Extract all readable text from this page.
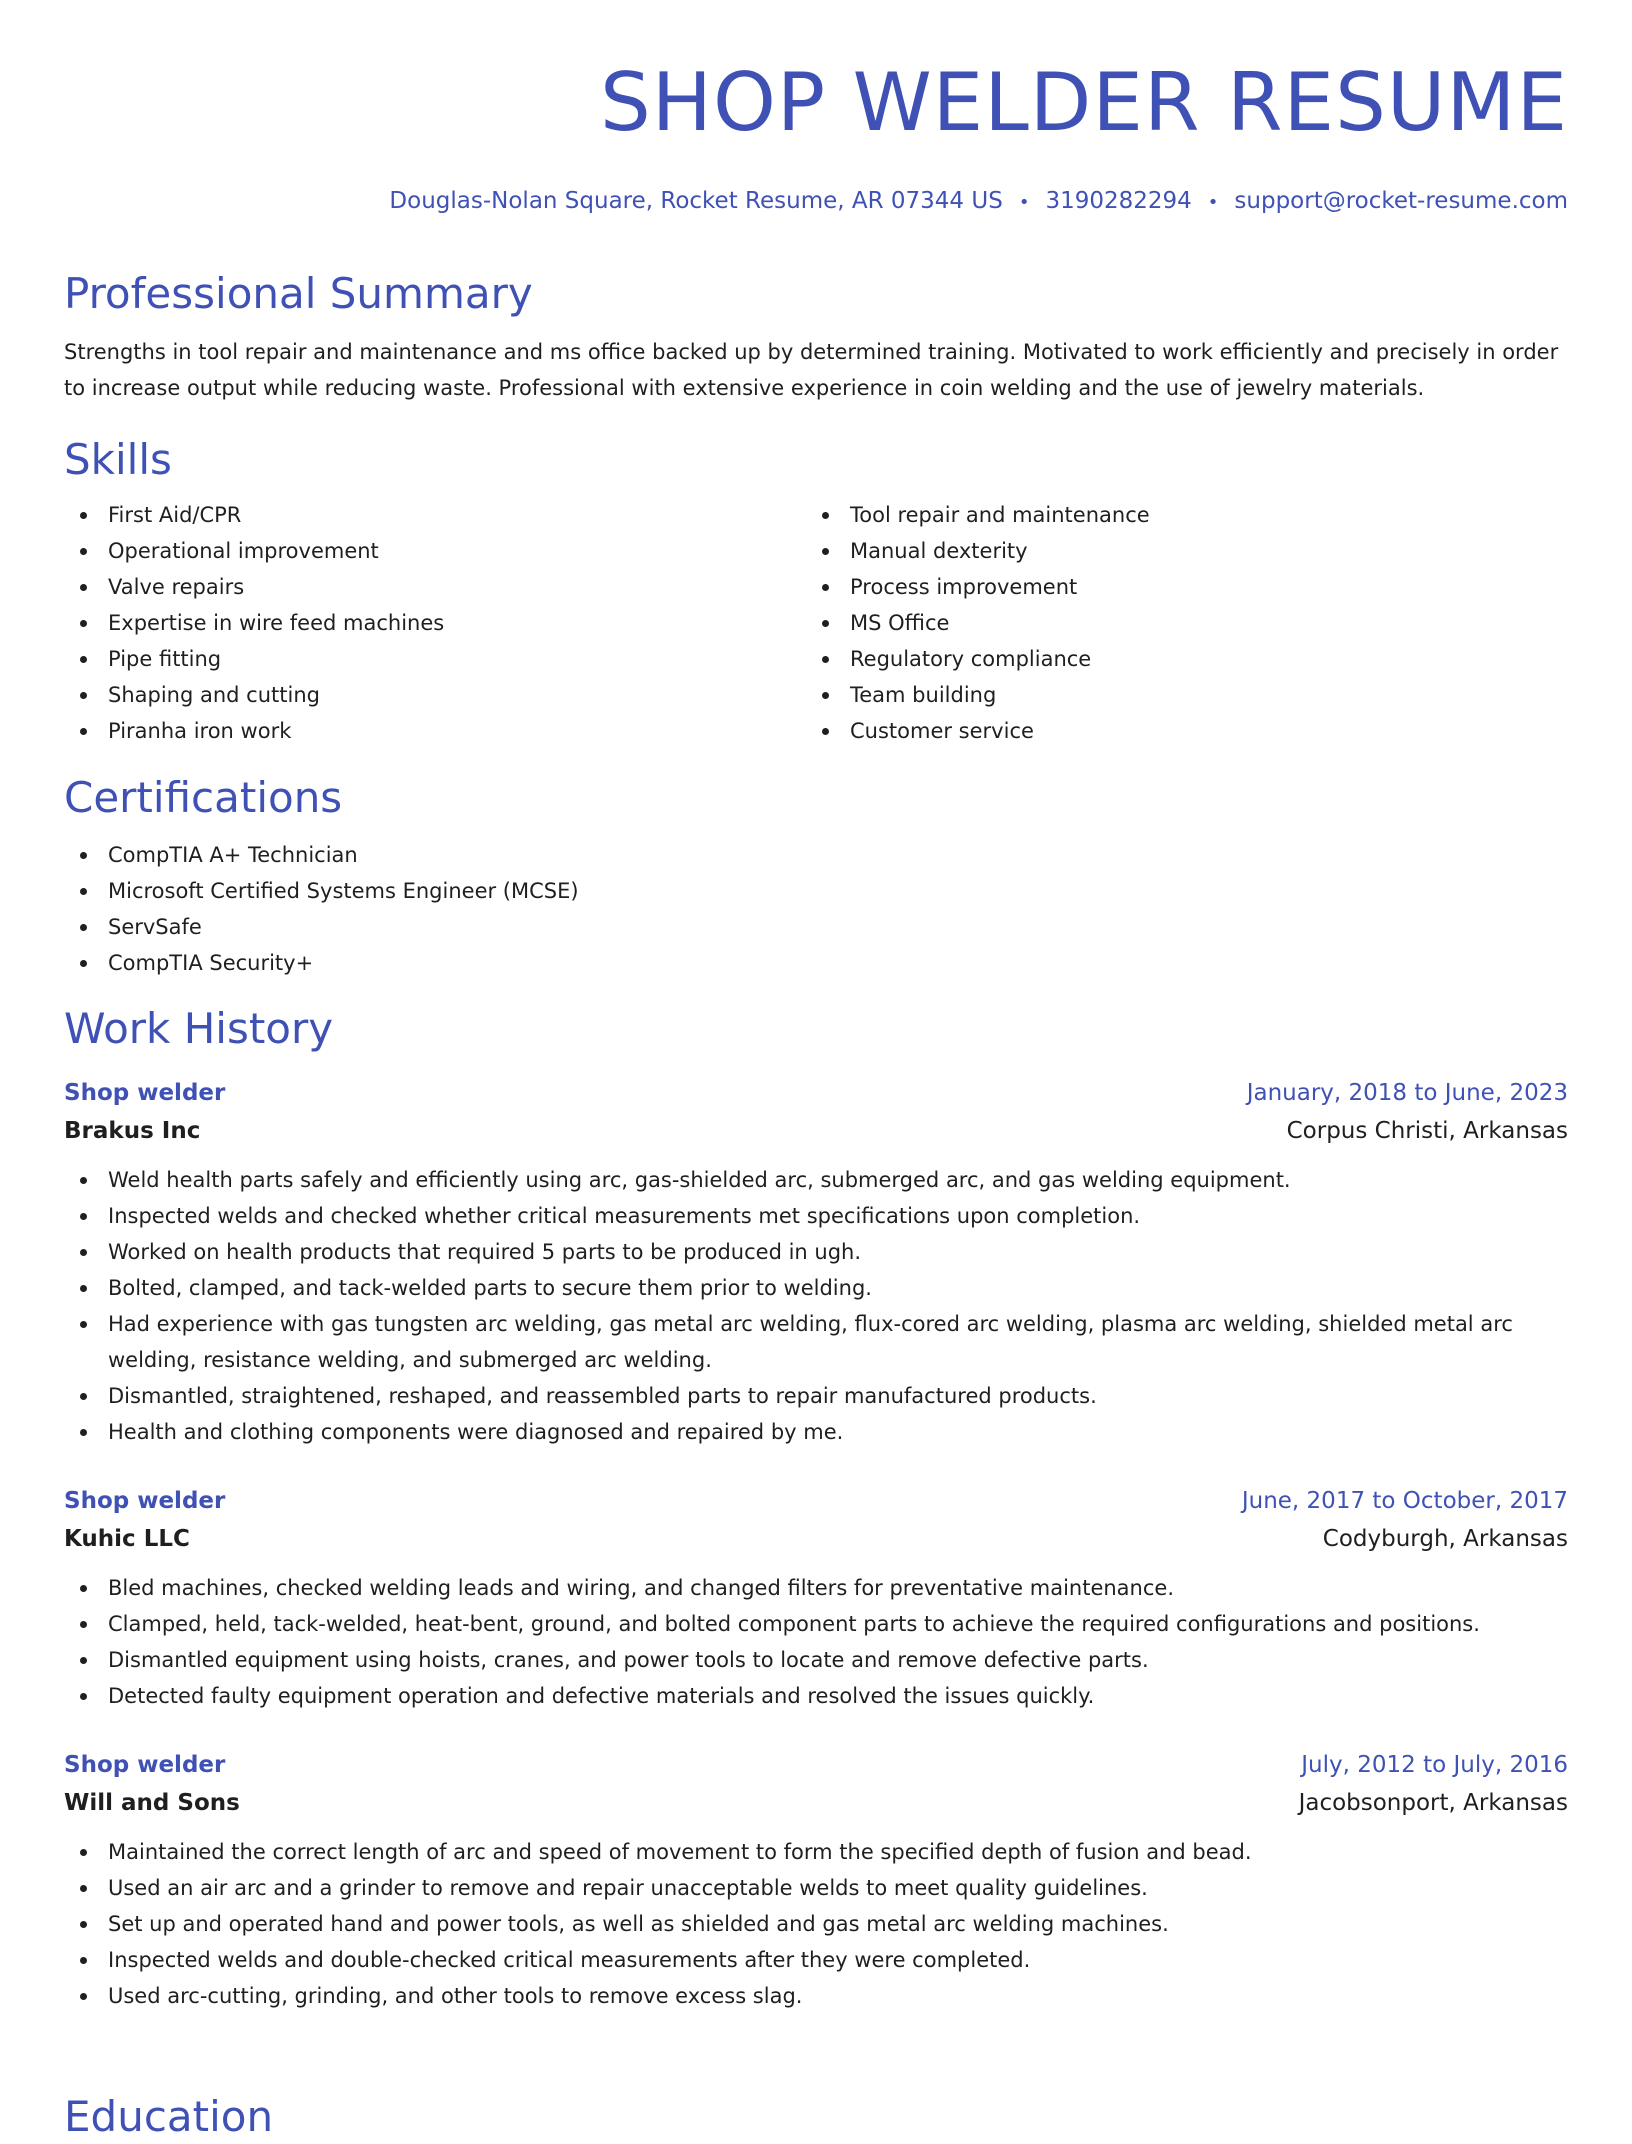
SHOP WELDER RESUME
Douglas-Nolan Square, Rocket Resume, AR 07344 US • 3190282294 • support@rocket-resume.com
Professional Summary

Strengths in tool repair and maintenance and ms office backed up by determined training. Motivated to work efficiently and precisely in order to increase output while reducing waste. Professional with extensive experience in coin welding and the use of jewelry materials.

Skills
First Aid/CPR
Operational improvement
Valve repairs
Expertise in wire feed machines
Pipe fitting
Shaping and cutting
Piranha iron work
Tool repair and maintenance
Manual dexterity
Process improvement
MS Office
Regulatory compliance
Team building
Customer service
Certifications
CompTIA A+ Technician
Microsoft Certified Systems Engineer (MCSE)
ServSafe
CompTIA Security+
Work History
Shop welder	January, 2018 to June, 2023
Brakus Inc	Corpus Christi, Arkansas
Weld health parts safely and efficiently using arc, gas-shielded arc, submerged arc, and gas welding equipment.
Inspected welds and checked whether critical measurements met specifications upon completion.
Worked on health products that required 5 parts to be produced in ugh.
Bolted, clamped, and tack-welded parts to secure them prior to welding.
Had experience with gas tungsten arc welding, gas metal arc welding, flux-cored arc welding, plasma arc welding, shielded metal arc welding, resistance welding, and submerged arc welding.
Dismantled, straightened, reshaped, and reassembled parts to repair manufactured products.
Health and clothing components were diagnosed and repaired by me.
Shop welder	June, 2017 to October, 2017
Kuhic LLC	Codyburgh, Arkansas
Bled machines, checked welding leads and wiring, and changed filters for preventative maintenance.
Clamped, held, tack-welded, heat-bent, ground, and bolted component parts to achieve the required configurations and positions.
Dismantled equipment using hoists, cranes, and power tools to locate and remove defective parts.
Detected faulty equipment operation and defective materials and resolved the issues quickly.
Shop welder	July, 2012 to July, 2016
Will and Sons	Jacobsonport, Arkansas
Maintained the correct length of arc and speed of movement to form the specified depth of fusion and bead.
Used an air arc and a grinder to remove and repair unacceptable welds to meet quality guidelines.
Set up and operated hand and power tools, as well as shielded and gas metal arc welding machines.
Inspected welds and double-checked critical measurements after they were completed.
Used arc-cutting, grinding, and other tools to remove excess slag.
Education
